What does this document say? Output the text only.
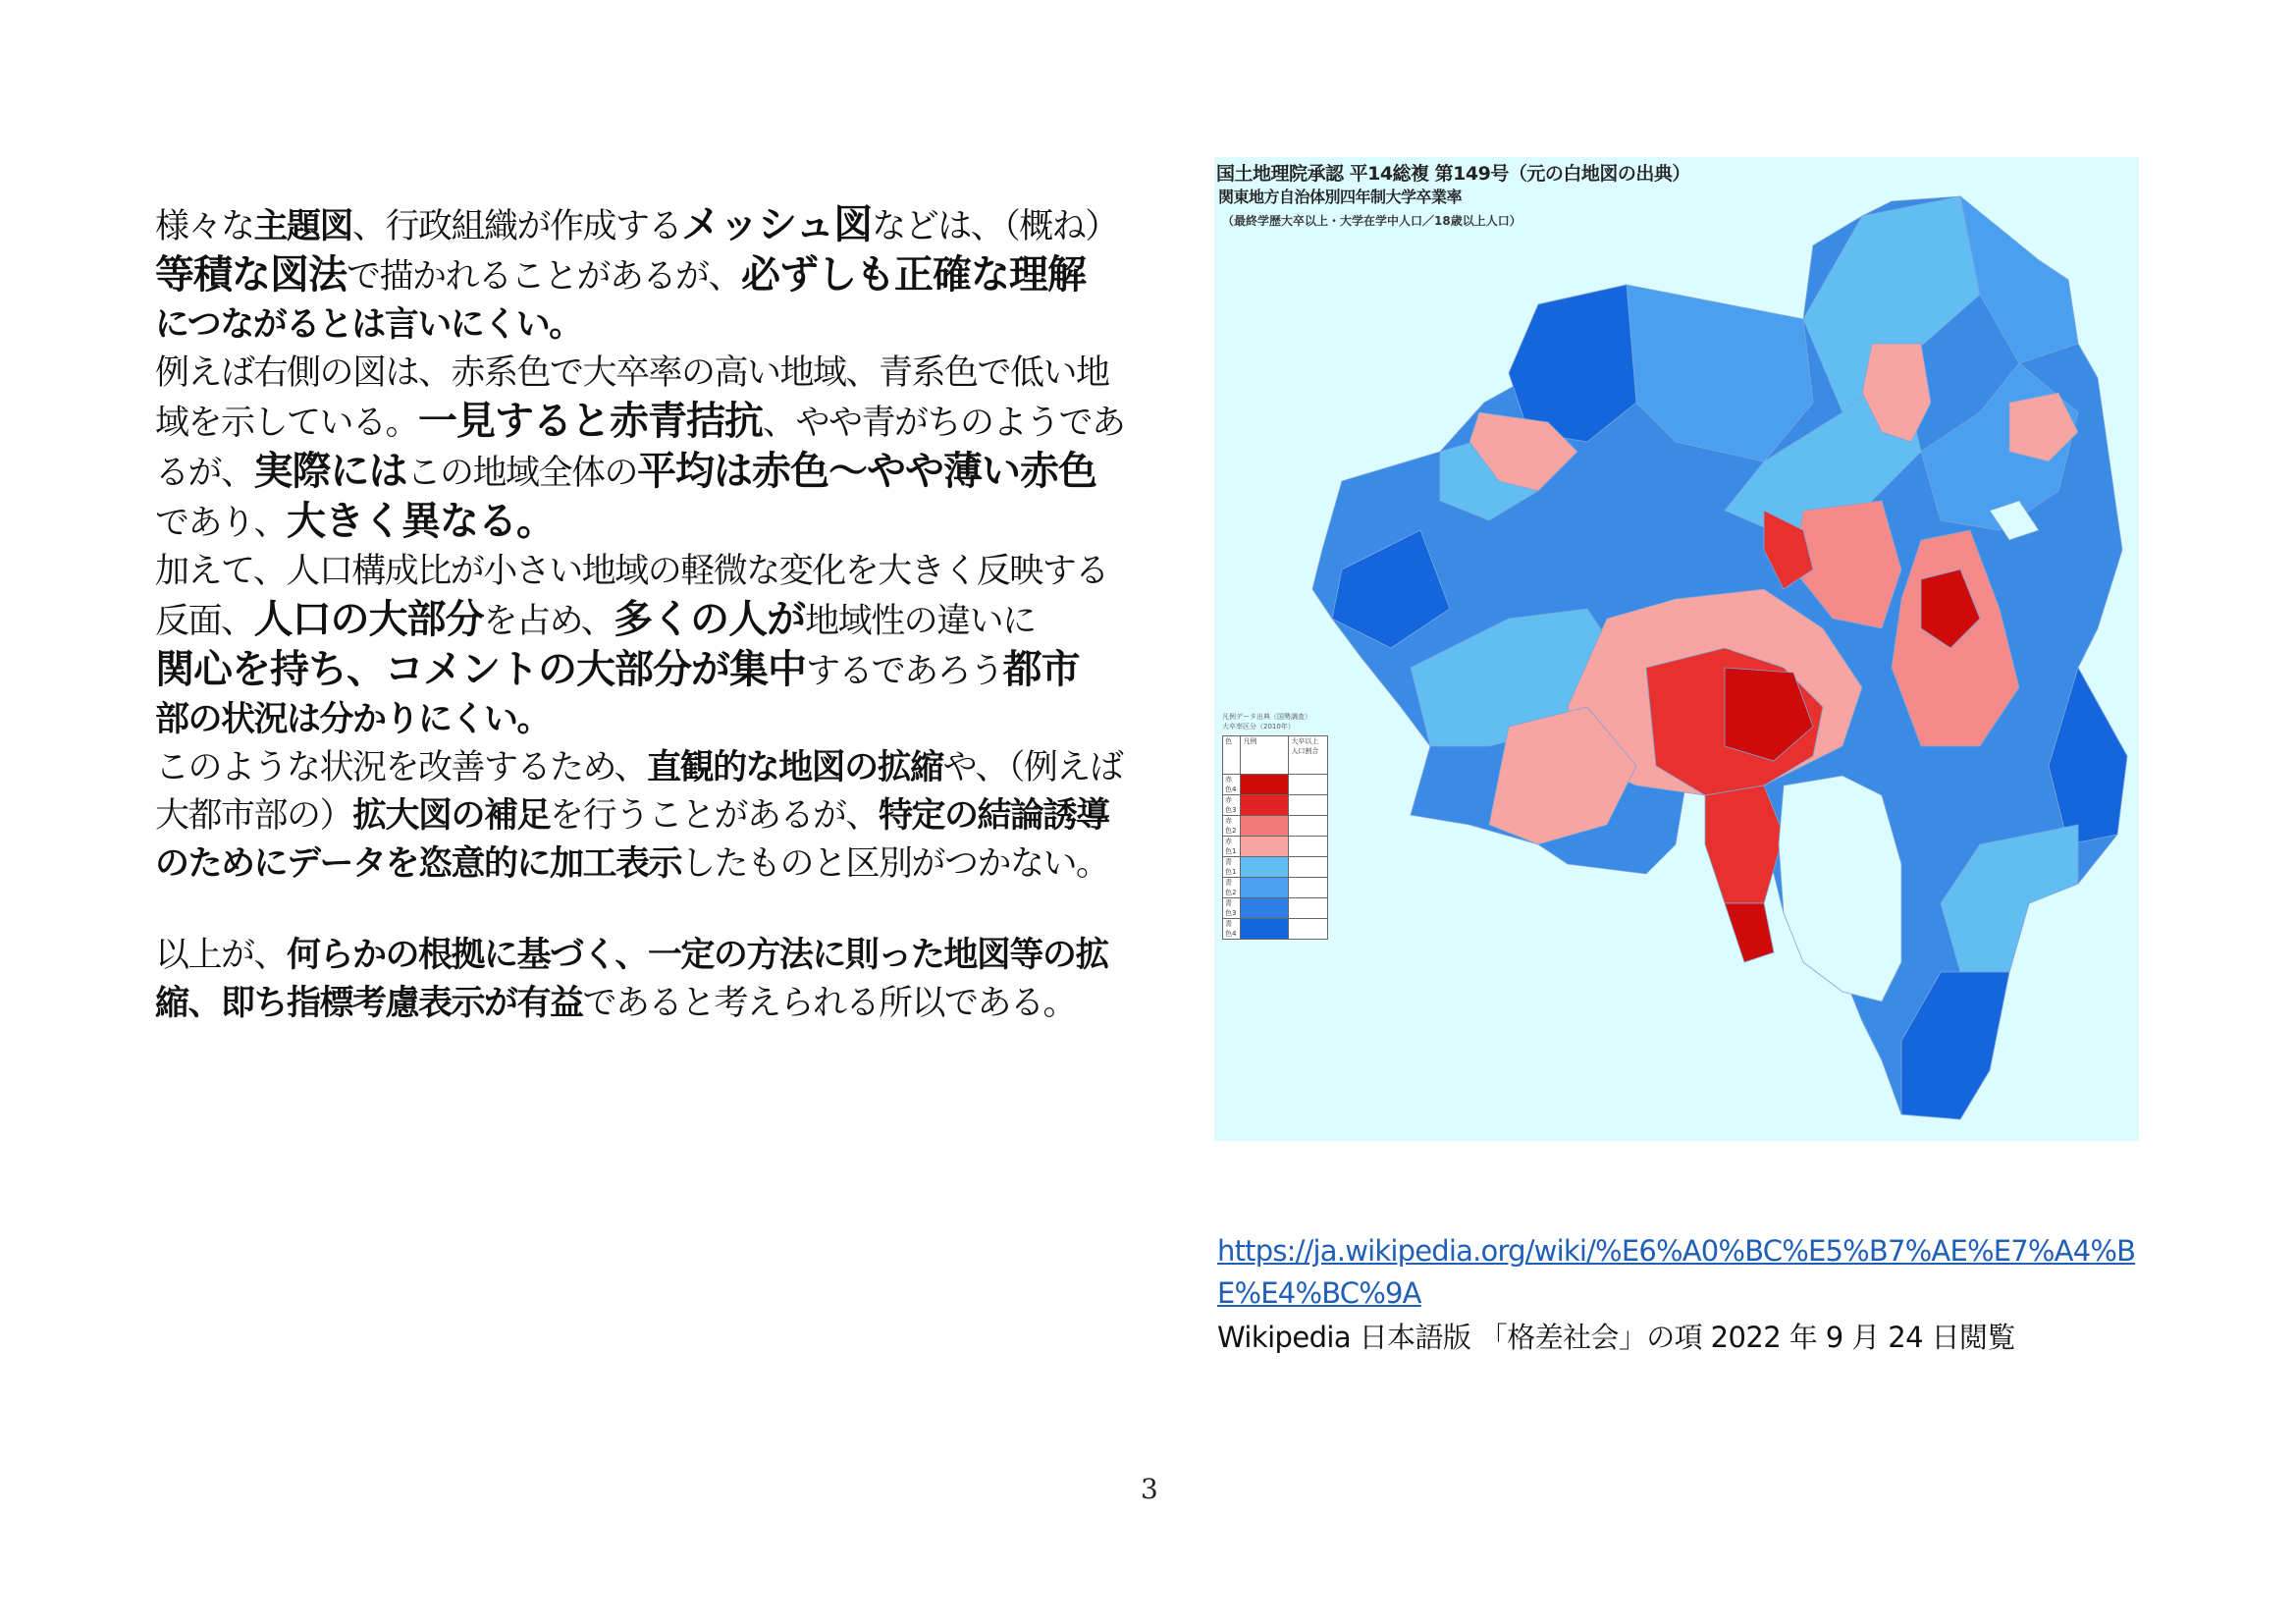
様々な主題図、行政組織が作成するメッシュ図などは、（概ね）
等積な図法で描かれることがあるが、必ずしも正確な理解
につながるとは言いにくい。
例えば右側の図は、赤系色で大卒率の高い地域、青系色で低い地
域を示している。一見すると赤青拮抗、やや青がちのようであ
るが、実際にはこの地域全体の平均は赤色～やや薄い赤色
であり、大きく異なる。
加えて、人口構成比が小さい地域の軽微な変化を大きく反映する
反面、人口の大部分を占め、多くの人が地域性の違いに
関心を持ち、コメントの大部分が集中するであろう都市
部の状況は分かりにくい。
このような状況を改善するため、直観的な地図の拡縮や、（例えば
大都市部の）拡大図の補足を行うことがあるが、特定の結論誘導
のためにデータを恣意的に加工表示したものと区別がつかない。
以上が、何らかの根拠に基づく、一定の方法に則った地図等の拡
縮、即ち指標考慮表示が有益であると考えられる所以である。
国土地理院承認 平14総複 第149号（元の白地図の出典）
関東地方自治体別四年制大学卒業率
（最終学歴大卒以上・大学在学中人口／18歳以上人口）
凡例データ出典（国勢調査）
大卒率区分（2010年）
色	凡例	大卒以上人口割合
赤色4		
赤色3		
赤色2		
赤色1		
青色1		
青色2		
青色3		
青色4		
https://ja.wikipedia.org/wiki/%E6%A0%BC%E5%B7%AE%E7%A4%BE%E4%BC%9A
Wikipedia 日本語版 「格差社会」の項 2022 年 9 月 24 日閲覧
3
